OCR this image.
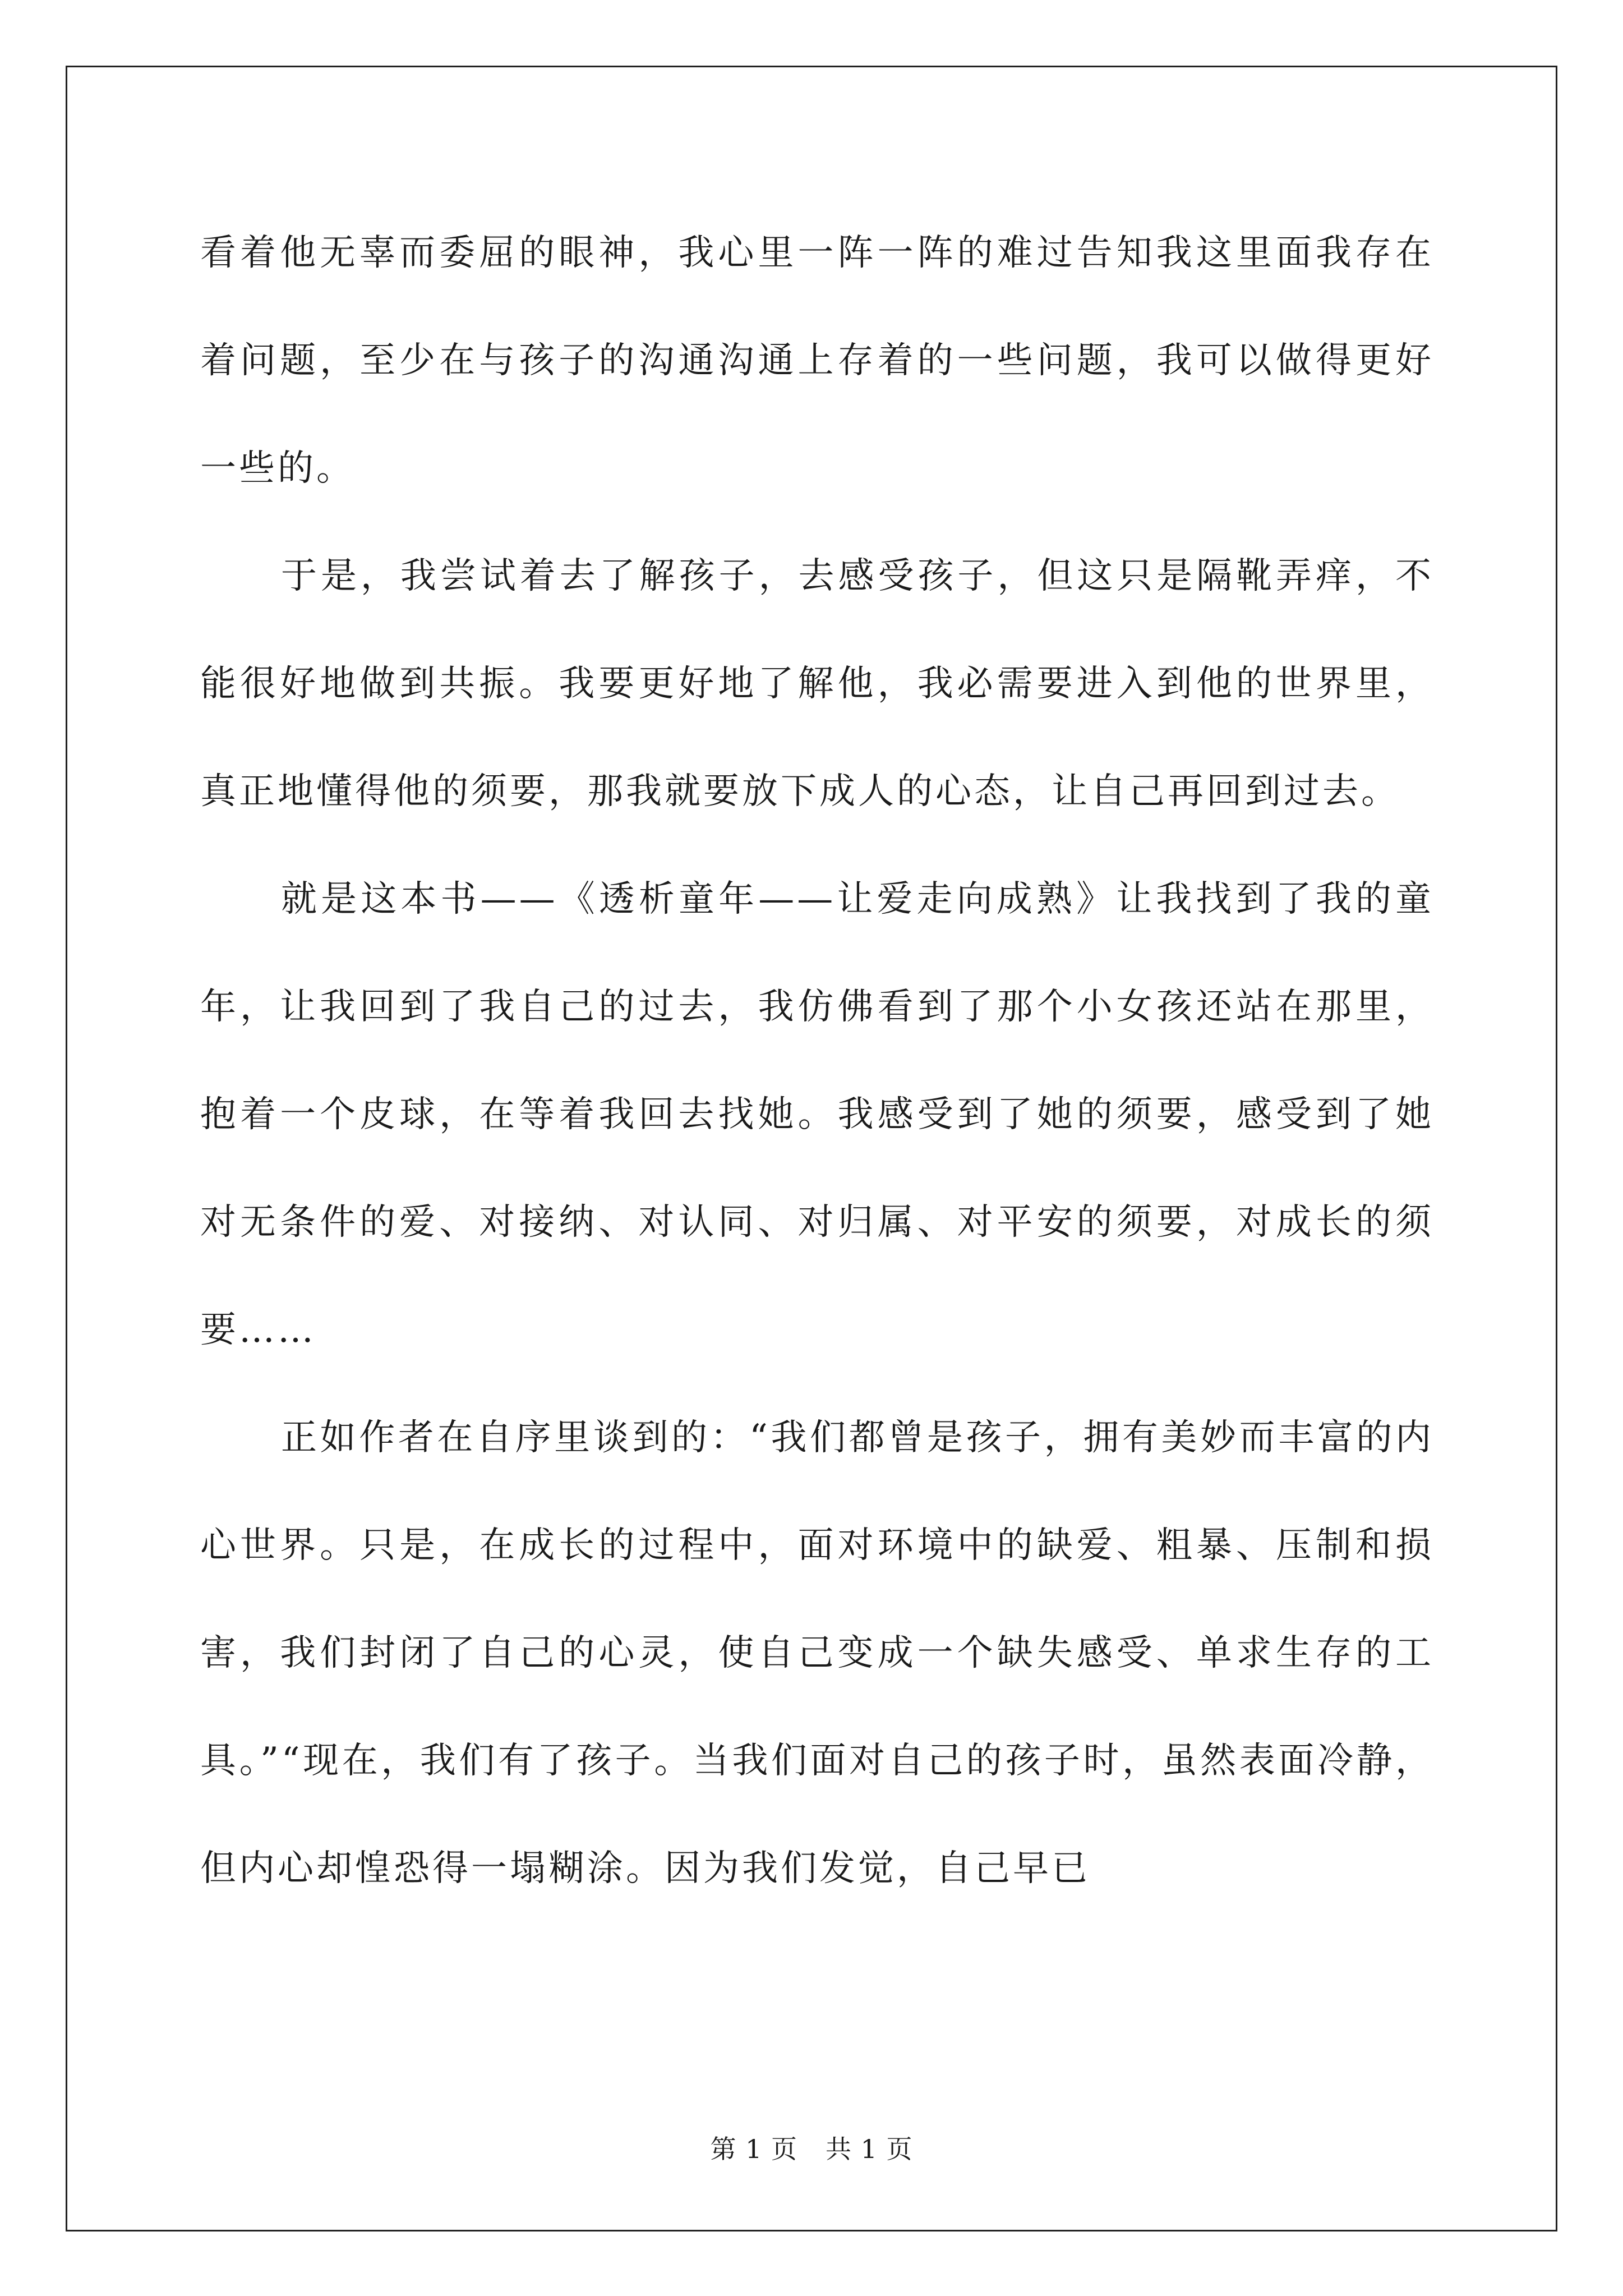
看着他无辜而委屈的眼神，我心里一阵一阵的难过告知我这里面我存在着问题，至少在与孩子的沟通沟通上存着的一些问题，我可以做得更好一些的。

于是，我尝试着去了解孩子，去感受孩子，但这只是隔靴弄痒，不能很好地做到共振。我要更好地了解他，我必需要进入到他的世界里，真正地懂得他的须要，那我就要放下成人的心态，让自己再回到过去。

就是这本书——《透析童年——让爱走向成熟》让我找到了我的童年，让我回到了我自己的过去，我仿佛看到了那个小女孩还站在那里，抱着一个皮球，在等着我回去找她。我感受到了她的须要，感受到了她对无条件的爱、对接纳、对认同、对归属、对平安的须要，对成长的须要……

正如作者在自序里谈到的：“我们都曾是孩子，拥有美妙而丰富的内心世界。只是，在成长的过程中，面对环境中的缺爱、粗暴、压制和损害，我们封闭了自己的心灵，使自己变成一个缺失感受、单求生存的工具。”“现在，我们有了孩子。当我们面对自己的孩子时，虽然表面冷静，但内心却惶恐得一塌糊涂。因为我们发觉，自己早已

第 1 页 共 1 页
